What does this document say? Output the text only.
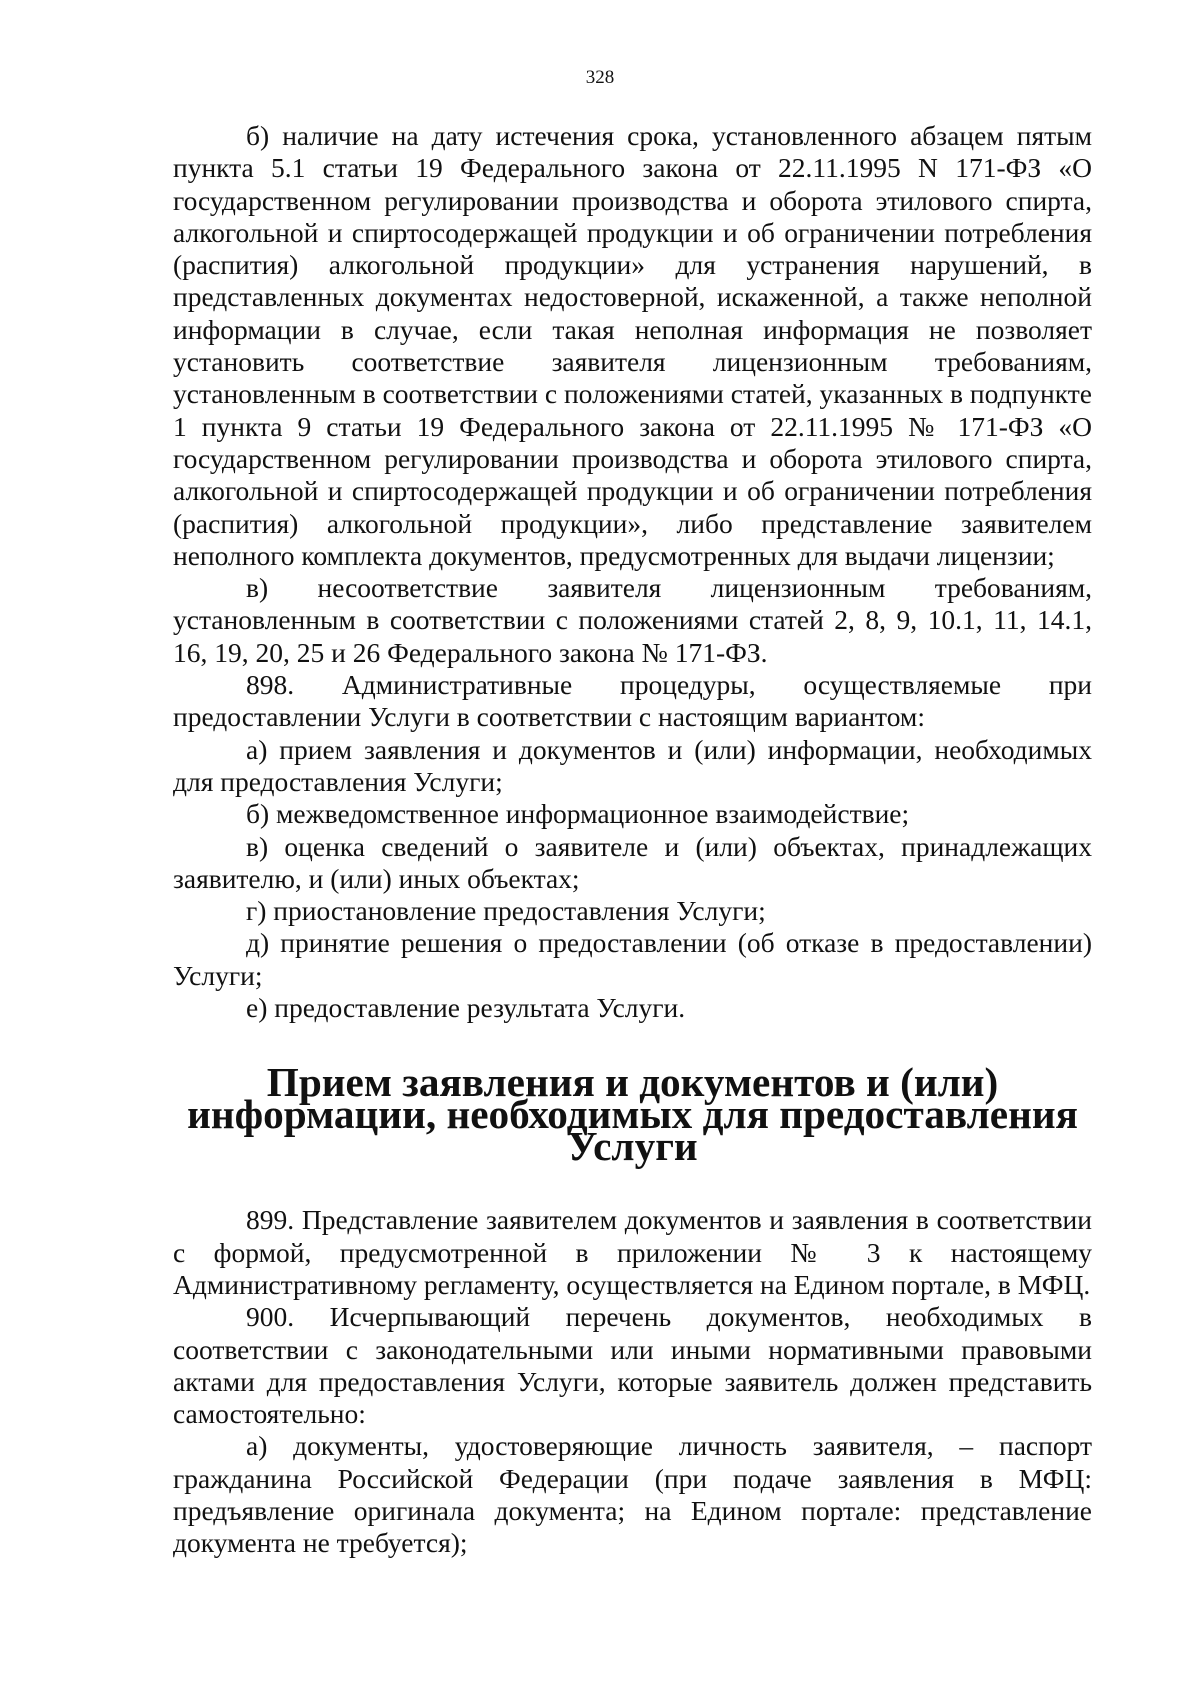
328

б) наличие на дату истечения срока, установленного абзацем пятым пункта 5.1 статьи 19 Федерального закона от 22.11.1995 N 171-ФЗ «О государственном регулировании производства и оборота этилового спирта, алкогольной и спиртосодержащей продукции и об ограничении потребления (распития) алкогольной продукции» для устранения нарушений, в представленных документах недостоверной, искаженной, а также неполной информации в случае, если такая неполная информация не позволяет установить соответствие заявителя лицензионным требованиям, установленным в соответствии с положениями статей, указанных в подпункте 1 пункта 9 статьи 19 Федерального закона от 22.11.1995 № 171-ФЗ «О государственном регулировании производства и оборота этилового спирта, алкогольной и спиртосодержащей продукции и об ограничении потребления (распития) алкогольной продукции», либо представление заявителем неполного комплекта документов, предусмотренных для выдачи лицензии;

в) несоответствие заявителя лицензионным требованиям, установленным в соответствии с положениями статей 2, 8, 9, 10.1, 11, 14.1, 16, 19, 20, 25 и 26 Федерального закона № 171-ФЗ.

898. Административные процедуры, осуществляемые при предоставлении Услуги в соответствии с настоящим вариантом:

а) прием заявления и документов и (или) информации, необходимых для предоставления Услуги;

б) межведомственное информационное взаимодействие;

в) оценка сведений о заявителе и (или) объектах, принадлежащих заявителю, и (или) иных объектах;

г) приостановление предоставления Услуги;

д) принятие решения о предоставлении (об отказе в предоставлении) Услуги;

е) предоставление результата Услуги.

Прием заявления и документов и (или) информации, необходимых для предоставления Услуги

899. Представление заявителем документов и заявления в соответствии с формой, предусмотренной в приложении № 3 к настоящему Административному регламенту, осуществляется на Едином портале, в МФЦ.

900. Исчерпывающий перечень документов, необходимых в соответствии с законодательными или иными нормативными правовыми актами для предоставления Услуги, которые заявитель должен представить самостоятельно:

а) документы, удостоверяющие личность заявителя, – паспорт гражданина Российской Федерации (при подаче заявления в МФЦ: предъявление оригинала документа; на Едином портале: представление документа не требуется);
